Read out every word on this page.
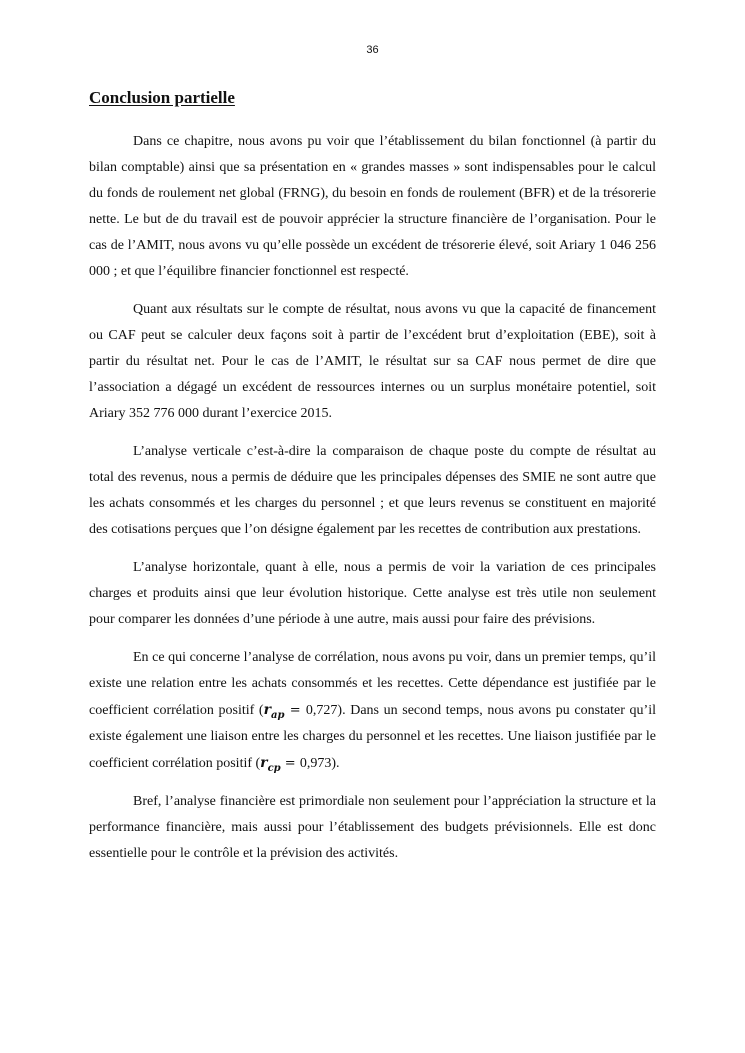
36
Conclusion partielle

Dans ce chapitre, nous avons pu voir que l’établissement du bilan fonctionnel (à partir du bilan comptable) ainsi que sa présentation en « grandes masses » sont indispensables pour le calcul du fonds de roulement net global (FRNG), du besoin en fonds de roulement (BFR) et de la trésorerie nette. Le but de du travail est de pouvoir apprécier la structure financière de l’organisation. Pour le cas de l’AMIT, nous avons vu qu’elle possède un excédent de trésorerie élevé, soit Ariary 1 046 256 000 ; et que l’équilibre financier fonctionnel est respecté.

Quant aux résultats sur le compte de résultat, nous avons vu que la capacité de financement ou CAF peut se calculer deux façons soit à partir de l’excédent brut d’exploitation (EBE), soit à partir du résultat net. Pour le cas de l’AMIT, le résultat sur sa CAF nous permet de dire que l’association a dégagé un excédent de ressources internes ou un surplus monétaire potentiel, soit Ariary 352 776 000 durant l’exercice 2015.

L’analyse verticale c’est-à-dire la comparaison de chaque poste du compte de résultat au total des revenus, nous a permis de déduire que les principales dépenses des SMIE ne sont autre que les achats consommés et les charges du personnel ; et que leurs revenus se constituent en majorité des cotisations perçues que l’on désigne également par les recettes de contribution aux prestations.

L’analyse horizontale, quant à elle, nous a permis de voir la variation de ces principales charges et produits ainsi que leur évolution historique. Cette analyse est très utile non seulement pour comparer les données d’une période à une autre, mais aussi pour faire des prévisions.

En ce qui concerne l’analyse de corrélation, nous avons pu voir, dans un premier temps, qu’il existe une relation entre les achats consommés et les recettes. Cette dépendance est justifiée par le coefficient corrélation positif $(r_{ap} = 0,727)$. Dans un second temps, nous avons pu constater qu’il existe également une liaison entre les charges du personnel et les recettes. Une liaison justifiée par le coefficient corrélation positif $(r_{cp} = 0,973)$.

Bref, l’analyse financière est primordiale non seulement pour l’appréciation la structure et la performance financière, mais aussi pour l’établissement des budgets prévisionnels. Elle est donc essentielle pour le contrôle et la prévision des activités.
